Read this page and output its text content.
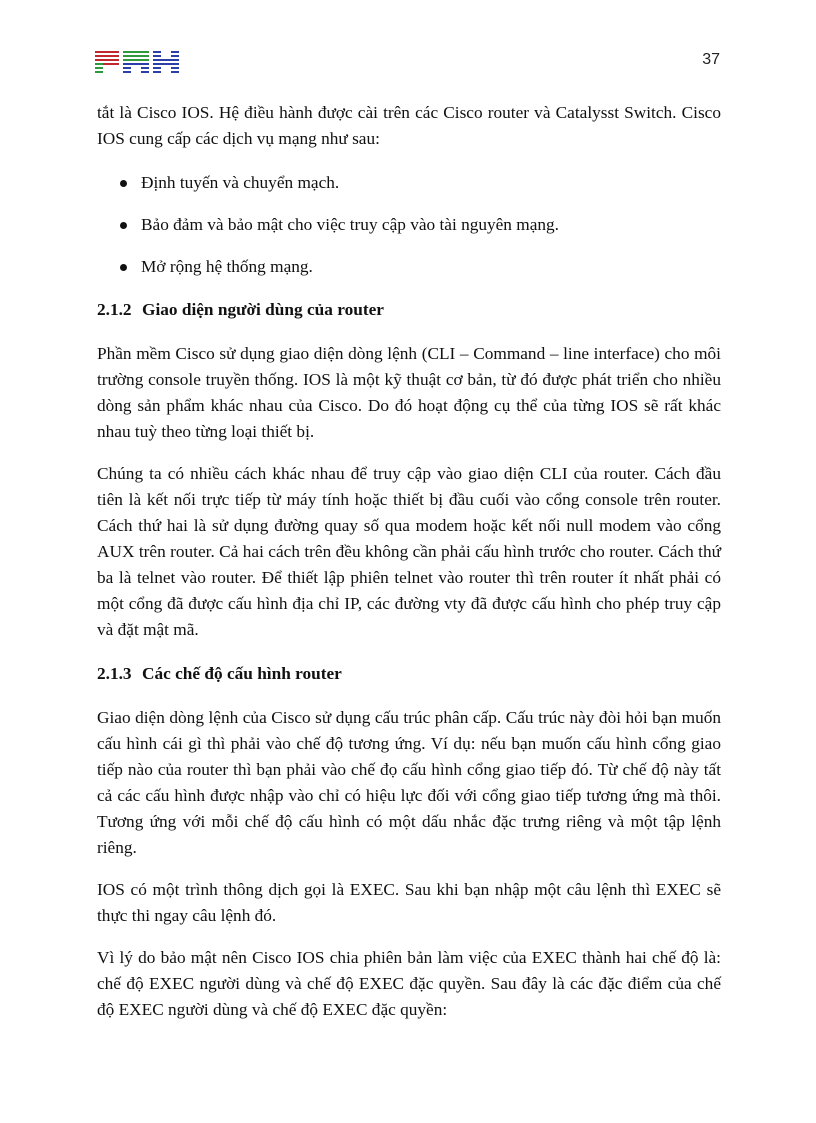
37

tắt là Cisco IOS. Hệ điều hành được cài trên các Cisco router và Catalysst Switch. Cisco IOS cung cấp các dịch vụ mạng như sau:

Định tuyến và chuyển mạch.
Bảo đảm và bảo mật cho việc truy cập vào tài nguyên mạng.
Mở rộng hệ thống mạng.
2.1.2 Giao diện người dùng của router

Phần mềm Cisco sử dụng giao diện dòng lệnh (CLI – Command – line interface) cho môi trường console truyền thống. IOS là một kỹ thuật cơ bản, từ đó được phát triển cho nhiều dòng sản phẩm khác nhau của Cisco. Do đó hoạt động cụ thể của từng IOS sẽ rất khác nhau tuỳ theo từng loại thiết bị.

Chúng ta có nhiều cách khác nhau để truy cập vào giao diện CLI của router. Cách đầu tiên là kết nối trực tiếp từ máy tính hoặc thiết bị đầu cuối vào cổng console trên router. Cách thứ hai là sử dụng đường quay số qua modem hoặc kết nối null modem vào cổng AUX trên router. Cả hai cách trên đều không cần phải cấu hình trước cho router. Cách thứ ba là telnet vào router. Để thiết lập phiên telnet vào router thì trên router ít nhất phải có một cổng đã được cấu hình địa chỉ IP, các đường vty đã được cấu hình cho phép truy cập và đặt mật mã.

2.1.3 Các chế độ cấu hình router

Giao diện dòng lệnh của Cisco sử dụng cấu trúc phân cấp. Cấu trúc này đòi hỏi bạn muốn cấu hình cái gì thì phải vào chế độ tương ứng. Ví dụ: nếu bạn muốn cấu hình cổng giao tiếp nào của router thì bạn phải vào chế đọ cấu hình cổng giao tiếp đó. Từ chế độ này tất cả các cấu hình được nhập vào chỉ có hiệu lực đối với cổng giao tiếp tương ứng mà thôi. Tương ứng với mỗi chế độ cấu hình có một dấu nhắc đặc trưng riêng và một tập lệnh riêng.

IOS có một trình thông dịch gọi là EXEC. Sau khi bạn nhập một câu lệnh thì EXEC sẽ thực thi ngay câu lệnh đó.

Vì lý do bảo mật nên Cisco IOS chia phiên bản làm việc của EXEC thành hai chế độ là: chế độ EXEC người dùng và chế độ EXEC đặc quyền. Sau đây là các đặc điểm của chế độ EXEC người dùng và chế độ EXEC đặc quyền:
